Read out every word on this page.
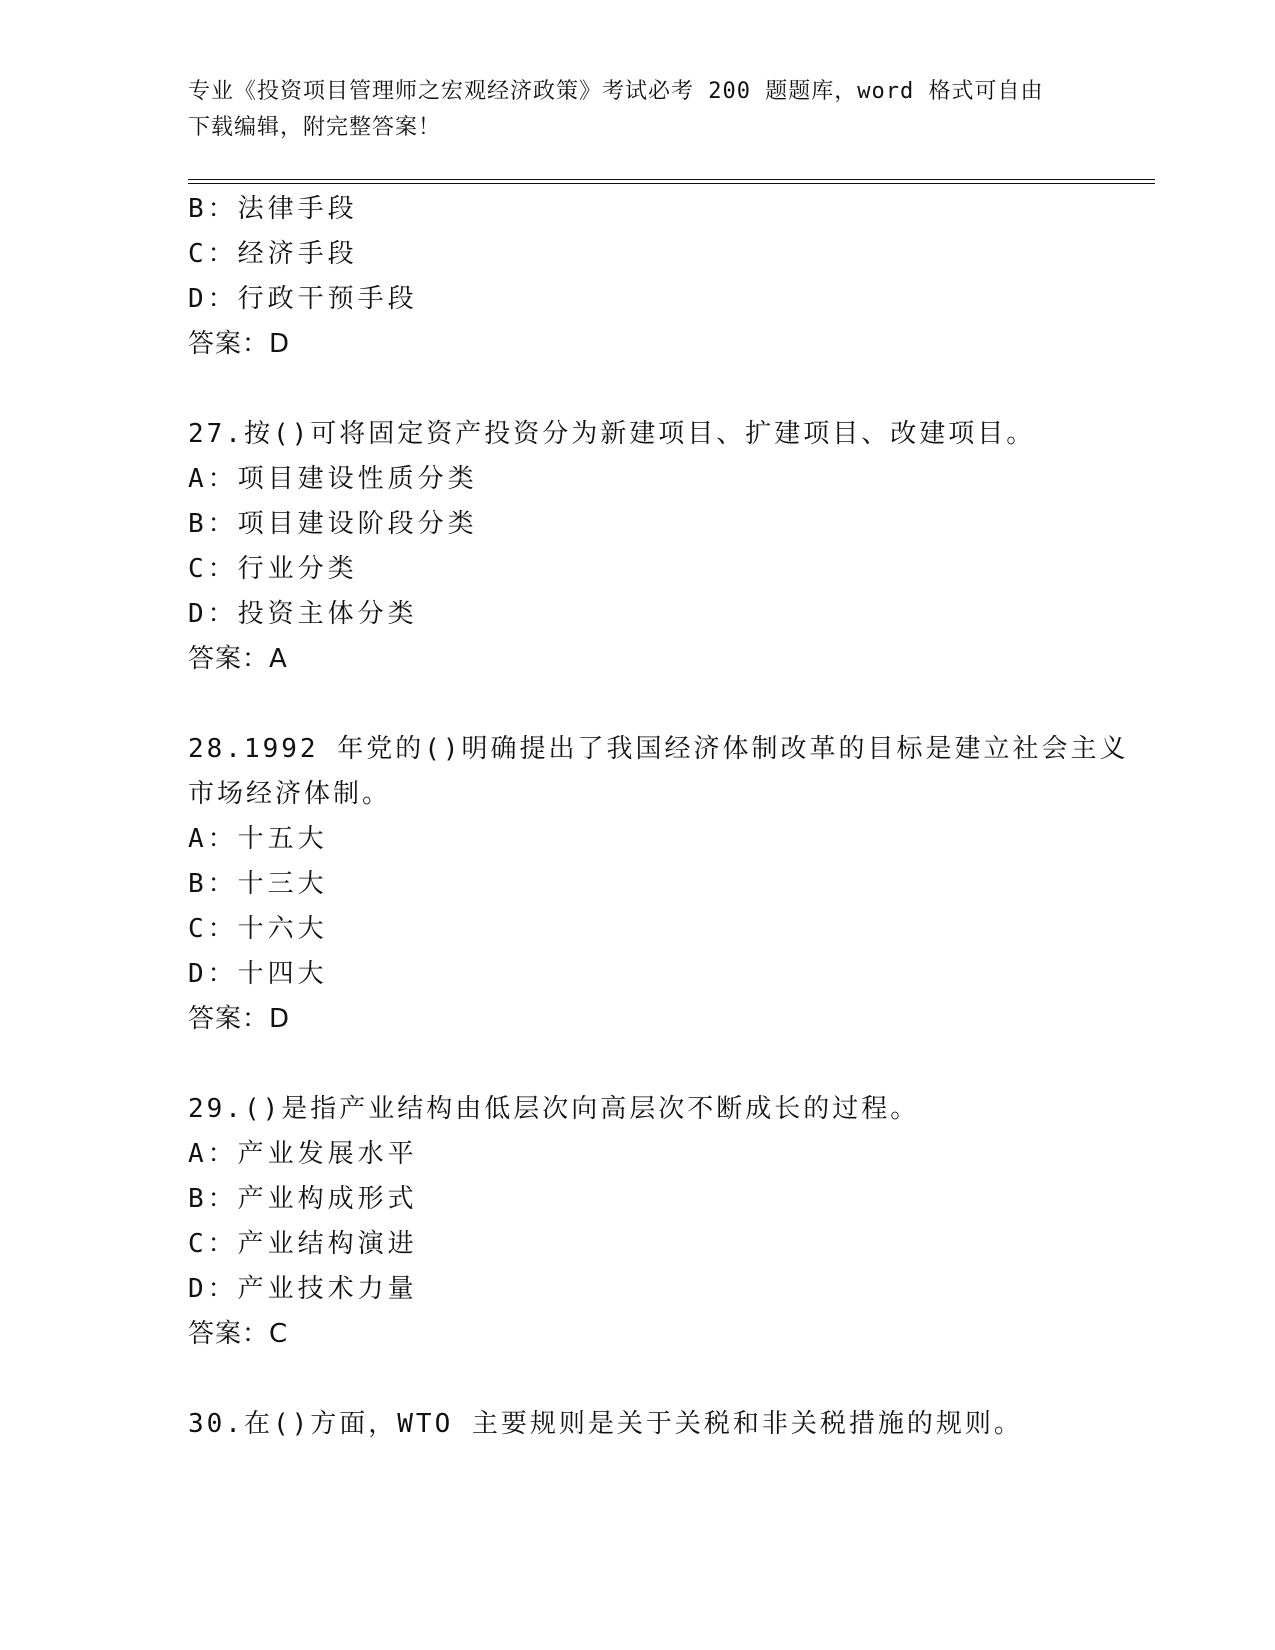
专业《投资项目管理师之宏观经济政策》考试必考 200 题题库，word 格式可自由
下载编辑，附完整答案！
B：法律手段
C：经济手段
D：行政干预手段
答案：D
27.按()可将固定资产投资分为新建项目、扩建项目、改建项目。
A：项目建设性质分类
B：项目建设阶段分类
C：行业分类
D：投资主体分类
答案：A
28.1992 年党的()明确提出了我国经济体制改革的目标是建立社会主义
市场经济体制。
A：十五大
B：十三大
C：十六大
D：十四大
答案：D
29.()是指产业结构由低层次向高层次不断成长的过程。
A：产业发展水平
B：产业构成形式
C：产业结构演进
D：产业技术力量
答案：C
30.在()方面，WTO 主要规则是关于关税和非关税措施的规则。
